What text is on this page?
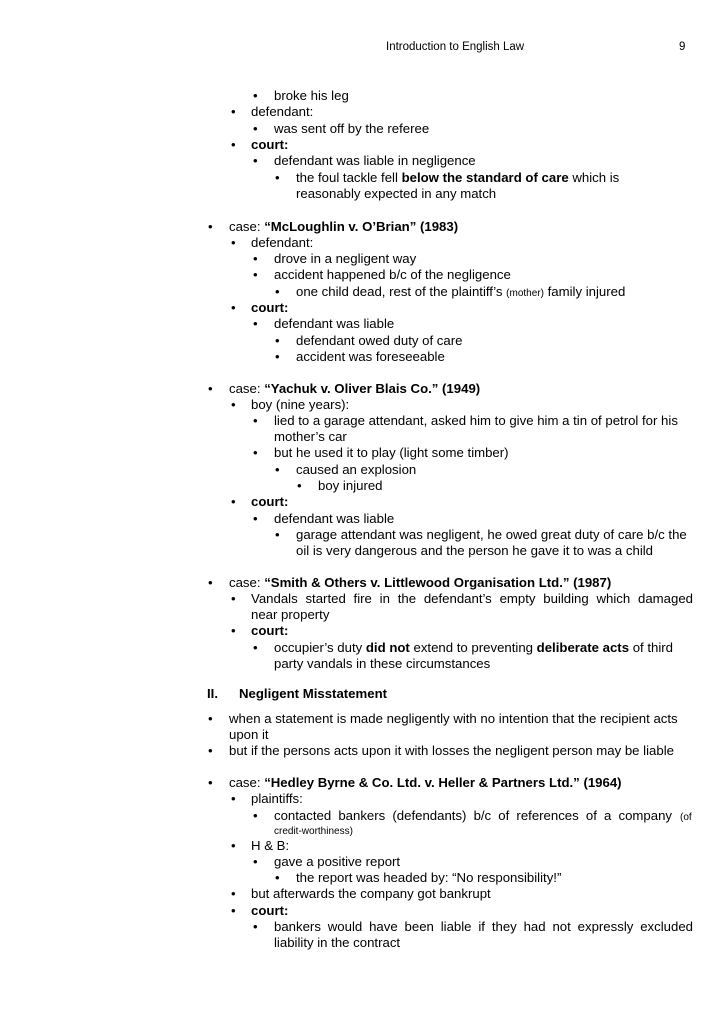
Introduction to English Law	9
• broke his leg
• defendant:
• was sent off by the referee
• court:
• defendant was liable in negligence
• the foul tackle fell below the standard of care which is
reasonably expected in any match
• case: “McLoughlin v. O’Brian” (1983)
• defendant:
• drove in a negligent way
• accident happened b/c of the negligence
• one child dead, rest of the plaintiff’s (mother) family injured
• court:
• defendant was liable
• defendant owed duty of care
• accident was foreseeable
• case: “Yachuk v. Oliver Blais Co.” (1949)
• boy (nine years):
• lied to a garage attendant, asked him to give him a tin of petrol for his
mother’s car
• but he used it to play (light some timber)
• caused an explosion
• boy injured
• court:
• defendant was liable
• garage attendant was negligent, he owed great duty of care b/c the
oil is very dangerous and the person he gave it to was a child
• case: “Smith & Others v. Littlewood Organisation Ltd.” (1987)
• Vandals started fire in the defendant’s empty building which damaged
near property
• court:
• occupier’s duty did not extend to preventing deliberate acts of third
party vandals in these circumstances
II. Negligent Misstatement
• when a statement is made negligently with no intention that the recipient acts
upon it
• but if the persons acts upon it with losses the negligent person may be liable
• case: “Hedley Byrne & Co. Ltd. v. Heller & Partners Ltd.” (1964)
• plaintiffs:
• contacted bankers (defendants) b/c of references of a company (of
credit-worthiness)
• H & B:
• gave a positive report
• the report was headed by: “No responsibility!”
• but afterwards the company got bankrupt
• court:
• bankers would have been liable if they had not expressly excluded
liability in the contract
